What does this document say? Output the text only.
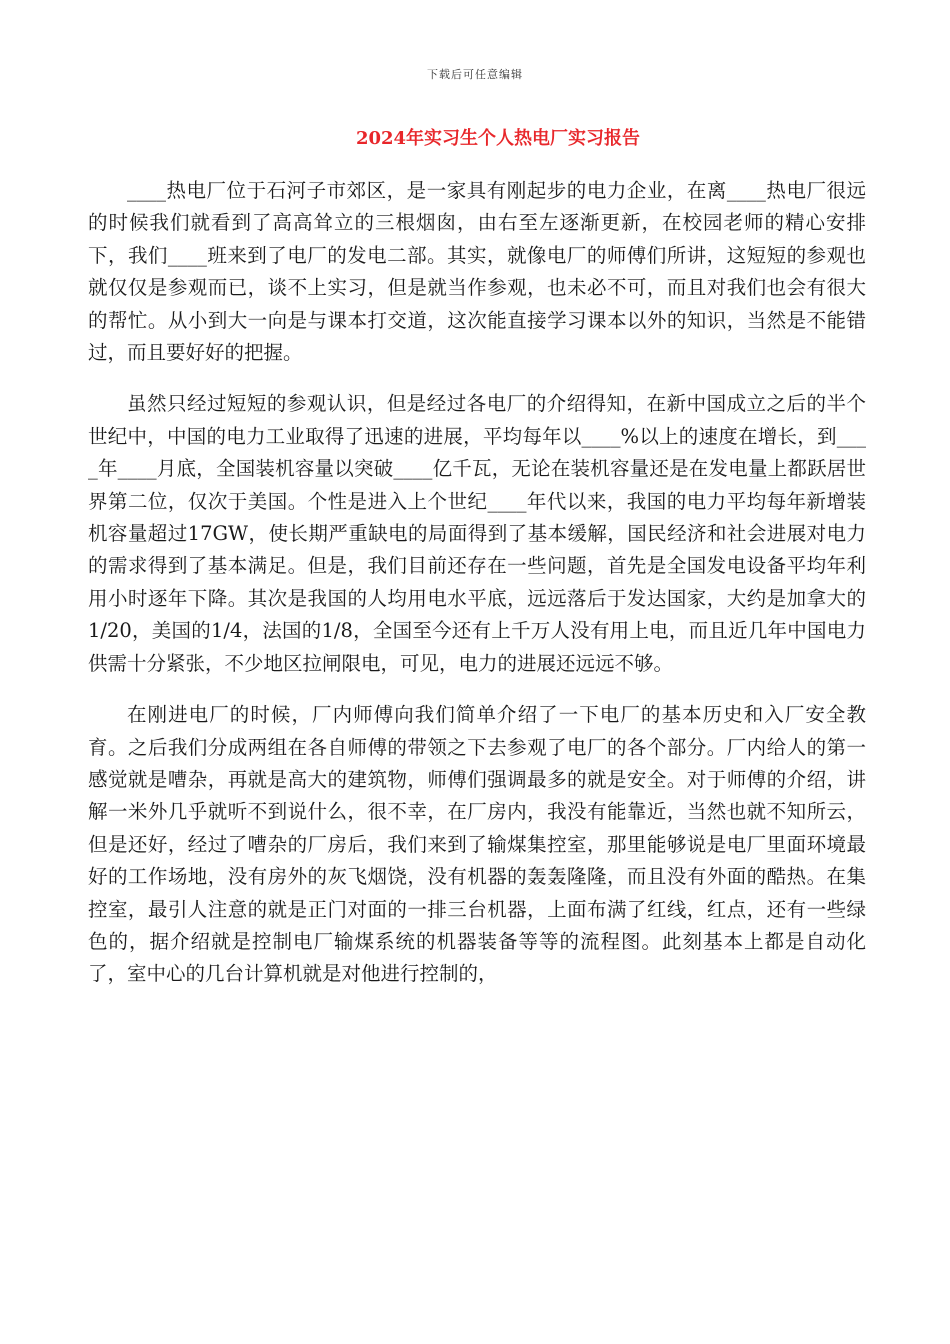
下载后可任意编辑
2024年实习生个人热电厂实习报告

____热电厂位于石河子市郊区，是一家具有刚起步的电力企业，在离____热电厂很远的时候我们就看到了高高耸立的三根烟囱，由右至左逐渐更新，在校园老师的精心安排下，我们____班来到了电厂的发电二部。其实，就像电厂的师傅们所讲，这短短的参观也就仅仅是参观而已，谈不上实习，但是就当作参观，也未必不可，而且对我们也会有很大的帮忙。从小到大一向是与课本打交道，这次能直接学习课本以外的知识，当然是不能错过，而且要好好的把握。

虽然只经过短短的参观认识，但是经过各电厂的介绍得知，在新中国成立之后的半个世纪中，中国的电力工业取得了迅速的进展，平均每年以____%以上的速度在增长，到____年____月底，全国装机容量以突破____亿千瓦，无论在装机容量还是在发电量上都跃居世界第二位，仅次于美国。个性是进入上个世纪____年代以来，我国的电力平均每年新增装机容量超过17GW，使长期严重缺电的局面得到了基本缓解，国民经济和社会进展对电力的需求得到了基本满足。但是，我们目前还存在一些问题，首先是全国发电设备平均年利用小时逐年下降。其次是我国的人均用电水平底，远远落后于发达国家，大约是加拿大的1/20，美国的1/4，法国的1/8，全国至今还有上千万人没有用上电，而且近几年中国电力供需十分紧张，不少地区拉闸限电，可见，电力的进展还远远不够。

在刚进电厂的时候，厂内师傅向我们简单介绍了一下电厂的基本历史和入厂安全教育。之后我们分成两组在各自师傅的带领之下去参观了电厂的各个部分。厂内给人的第一感觉就是嘈杂，再就是高大的建筑物，师傅们强调最多的就是安全。对于师傅的介绍，讲解一米外几乎就听不到说什么，很不幸，在厂房内，我没有能靠近，当然也就不知所云，但是还好，经过了嘈杂的厂房后，我们来到了输煤集控室，那里能够说是电厂里面环境最好的工作场地，没有房外的灰飞烟饶，没有机器的轰轰隆隆，而且没有外面的酷热。在集控室，最引人注意的就是正门对面的一排三台机器，上面布满了红线，红点，还有一些绿色的，据介绍就是控制电厂输煤系统的机器装备等等的流程图。此刻基本上都是自动化了，室中心的几台计算机就是对他进行控制的，
